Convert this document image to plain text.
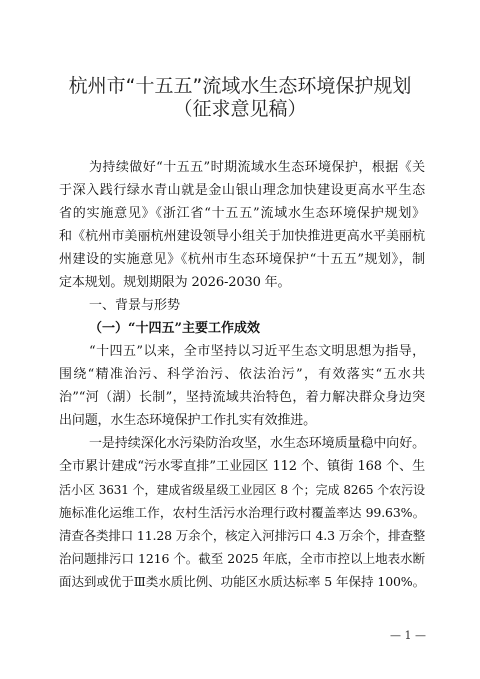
杭州市“十五五”流域水生态环境保护规划
（征求意见稿）
为持续做好“十五五”时期流域水生态环境保护，根据《关
于深入践行绿水青山就是金山银山理念加快建设更高水平生态
省的实施意见》《浙江省“十五五”流域水生态环境保护规划》
和《杭州市美丽杭州建设领导小组关于加快推进更高水平美丽杭
州建设的实施意见》《杭州市生态环境保护“十五五”规划》，制
定本规划。规划期限为 2026-2030 年。
一、背景与形势
（一）“十四五”主要工作成效
“十四五”以来，全市坚持以习近平生态文明思想为指导，
围绕“精准治污、科学治污、依法治污”，有效落实“五水共
治”“河（湖）长制”，坚持流域共治特色，着力解决群众身边突
出问题，水生态环境保护工作扎实有效推进。
一是持续深化水污染防治攻坚，水生态环境质量稳中向好。
全市累计建成“污水零直排”工业园区 112 个、镇街 168 个、生
活小区 3631 个，建成省级星级工业园区 8 个；完成 8265 个农污设
施标准化运维工作，农村生活污水治理行政村覆盖率达 99.63%。
清查各类排口 11.28 万余个，核定入河排污口 4.3 万余个，排查整
治问题排污口 1216 个。截至 2025 年底，全市市控以上地表水断
面达到或优于Ⅲ类水质比例、功能区水质达标率 5 年保持 100%。
— 1 —
